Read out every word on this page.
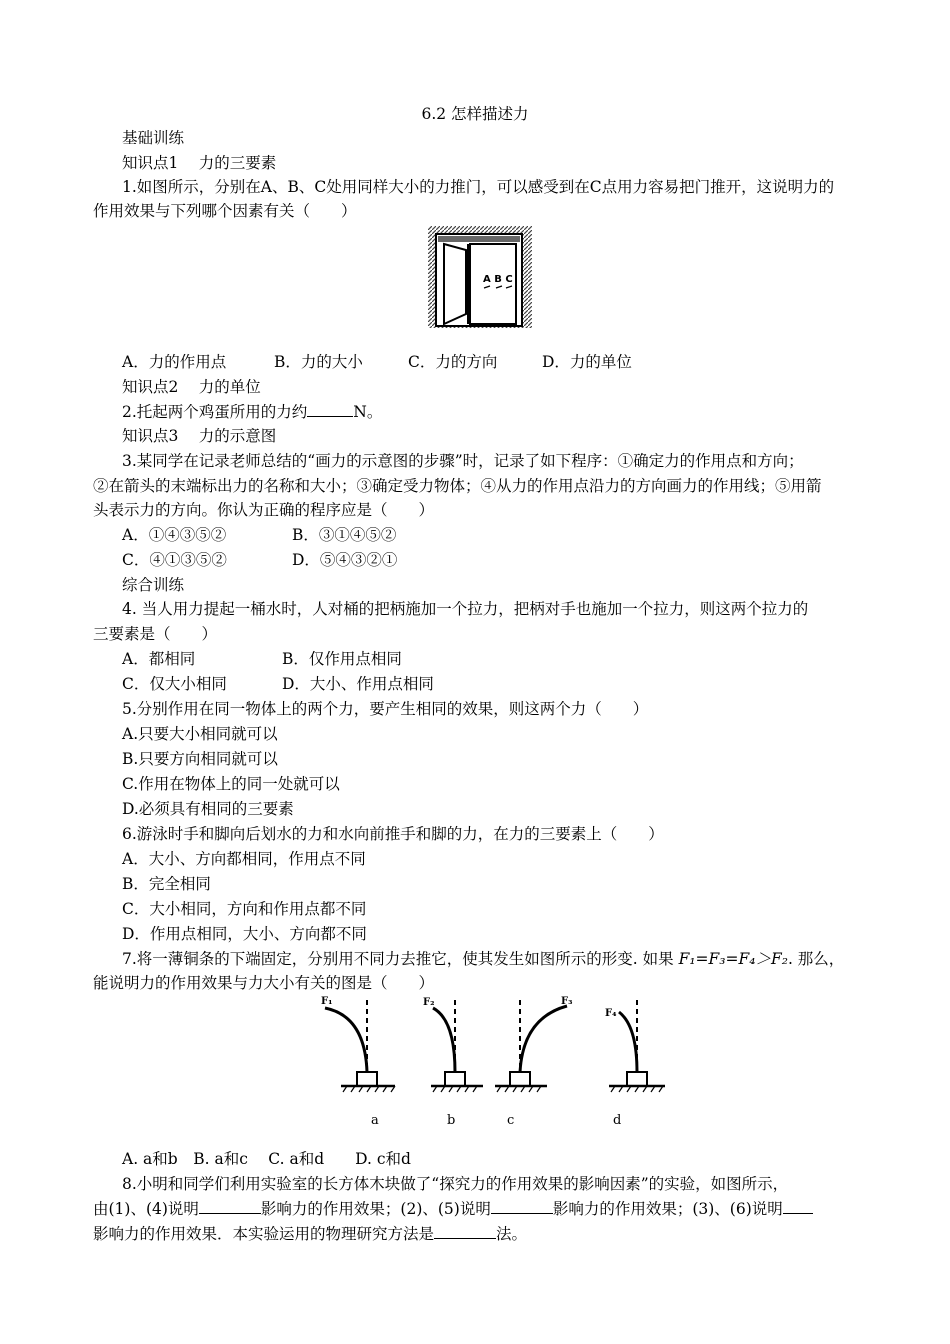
6.2 怎样描述力
基础训练
知识点1　 力的三要素
1.如图所示，分别在A、B、C处用同样大小的力推门，可以感受到在C点用力容易把门推开，这说明力的
作用效果与下列哪个因素有关（　　）
A B C
A．力的作用点	B．力的大小	C．力的方向	D．力的单位
知识点2　 力的单位
2.托起两个鸡蛋所用的力约	N。
知识点3　 力的示意图
3.某同学在记录老师总结的“画力的示意图的步骤”时，记录了如下程序：①确定力的作用点和方向；
②在箭头的末端标出力的名称和大小；③确定受力物体；④从力的作用点沿力的方向画力的作用线；⑤用箭
头表示力的方向。你认为正确的程序应是（　　）
A．①④③⑤②	B．③①④⑤②
C．④①③⑤②	D．⑤④③②①
综合训练
4. 当人用力提起一桶水时，人对桶的把柄施加一个拉力，把柄对手也施加一个拉力，则这两个拉力的
三要素是（　　）
A．都相同	B．仅作用点相同
C．仅大小相同	D．大小、作用点相同
5.分别作用在同一物体上的两个力，要产生相同的效果，则这两个力（　　）
A.只要大小相同就可以
B.只要方向相同就可以
C.作用在物体上的同一处就可以
D.必须具有相同的三要素
6.游泳时手和脚向后划水的力和水向前推手和脚的力，在力的三要素上（　　）
A．大小、方向都相同，作用点不同
B．完全相同
C．大小相同，方向和作用点都不同
D．作用点相同，大小、方向都不同
7.将一薄铜条的下端固定，分别用不同力去推它，使其发生如图所示的形变. 如果 F₁=F₃=F₄＞F₂. 那么，
能说明力的作用效果与力大小有关的图是（　　）
F₁
a
F₂
b
F₃
c
F₄
d
A. a和b　B. a和c　 C. a和d　　D. c和d
8.小明和同学们利用实验室的长方体木块做了“探究力的作用效果的影响因素”的实验，如图所示，
由(1)、(4)说明	影响力的作用效果；(2)、(5)说明	影响力的作用效果；(3)、(6)说明
影响力的作用效果．本实验运用的物理研究方法是	法。
